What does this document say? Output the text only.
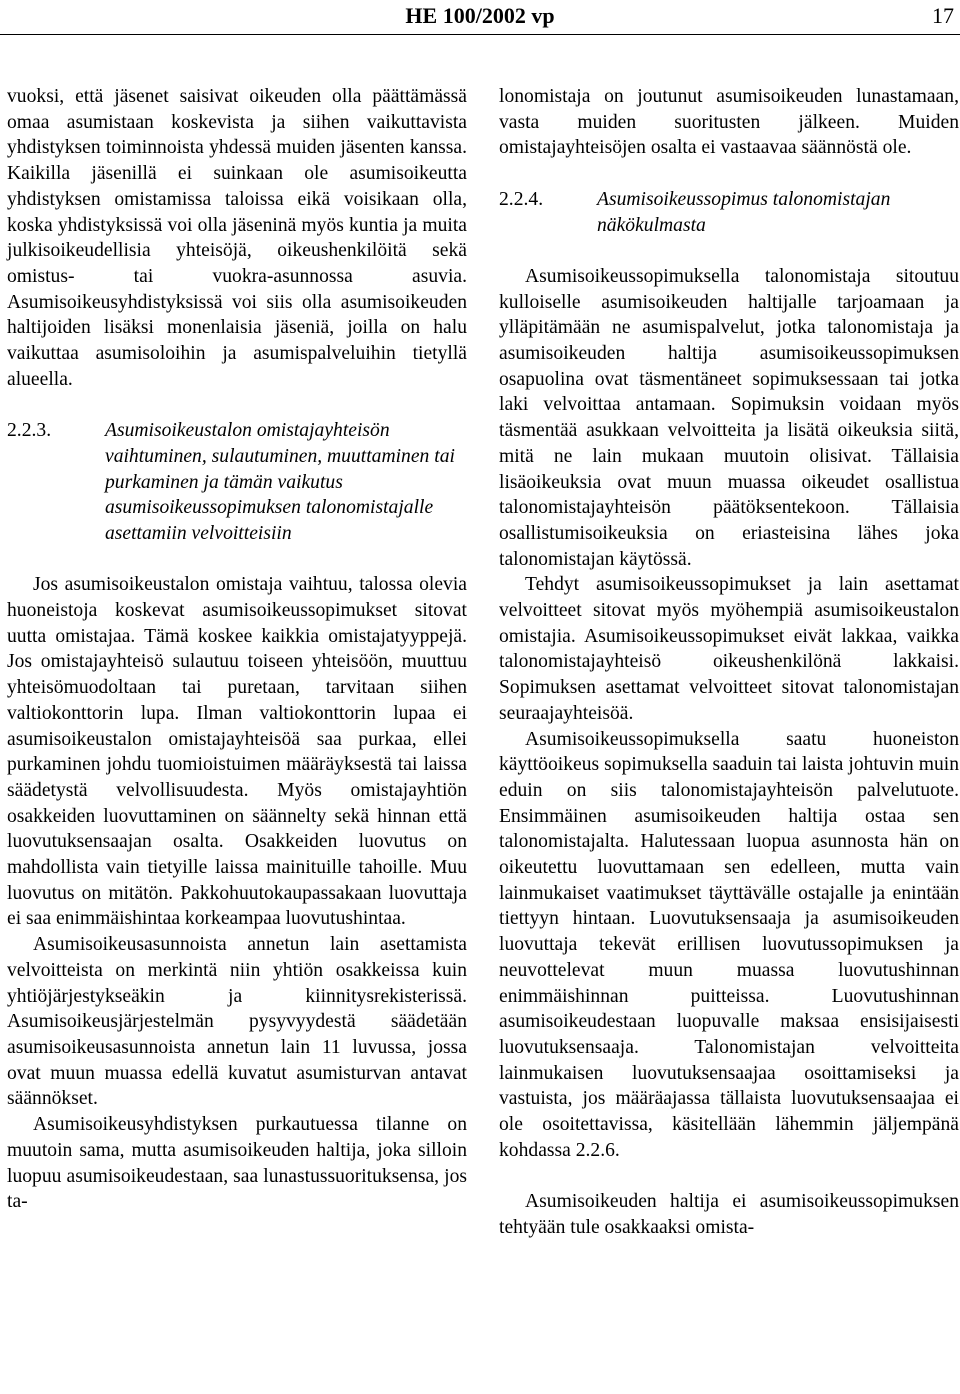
HE 100/2002 vp	17

vuoksi, että jäsenet saisivat oikeuden olla päättämässä omaa asumistaan koskevista ja siihen vaikuttavista yhdistyksen toiminnoista yhdessä muiden jäsenten kanssa. Kaikilla jäsenillä ei suinkaan ole asumisoikeutta yhdistyksen omistamissa taloissa eikä voisikaan olla, koska yhdistyksissä voi olla jäseninä myös kuntia ja muita julkisoikeudellisia yhteisöjä, oikeushenkilöitä sekä omistus- tai vuokra-asunnossa asuvia. Asumisoikeusyhdistyksissä voi siis olla asumisoikeuden haltijoiden lisäksi monenlaisia jäseniä, joilla on halu vaikuttaa asumisoloihin ja asumispalveluihin tietyllä alueella.

2.2.3.	Asumisoikeustalon omistajayhteisön vaihtuminen, sulautuminen, muuttaminen tai purkaminen ja tämän vaikutus asumisoikeussopimuksen talonomistajalle asettamiin velvoitteisiin

Jos asumisoikeustalon omistaja vaihtuu, talossa olevia huoneistoja koskevat asumisoikeussopimukset sitovat uutta omistajaa. Tämä koskee kaikkia omistajatyyppejä. Jos omistajayhteisö sulautuu toiseen yhteisöön, muuttuu yhteisömuodoltaan tai puretaan, tarvitaan siihen valtiokonttorin lupa. Ilman valtiokonttorin lupaa ei asumisoikeustalon omistajayhteisöä saa purkaa, ellei purkaminen johdu tuomioistuimen määräyksestä tai laissa säädetystä velvollisuudesta. Myös omistajayhtiön osakkeiden luovuttaminen on säännelty sekä hinnan että luovutuksensaajan osalta. Osakkeiden luovutus on mahdollista vain tietyille laissa mainituille tahoille. Muu luovutus on mitätön. Pakkohuutokaupassakaan luovuttaja ei saa enimmäishintaa korkeampaa luovutushintaa.

Asumisoikeusasunnoista annetun lain asettamista velvoitteista on merkintä niin yhtiön osakkeissa kuin yhtiöjärjestykseäkin ja kiinnitysrekisterissä. Asumisoikeusjärjestelmän pysyvyydestä säädetään asumisoikeusasunnoista annetun lain 11 luvussa, jossa ovat muun muassa edellä kuvatut asumisturvan antavat säännökset.

Asumisoikeusyhdistyksen purkautuessa tilanne on muutoin sama, mutta asumisoikeuden haltija, joka silloin luopuu asumisoikeudestaan, saa lunastussuorituksensa, jos ta-

lonomistaja on joutunut asumisoikeuden lunastamaan, vasta muiden suoritusten jälkeen. Muiden omistajayhteisöjen osalta ei vastaavaa säännöstä ole.

2.2.4.	Asumisoikeussopimus talonomistajan näkökulmasta

Asumisoikeussopimuksella talonomistaja sitoutuu kulloiselle asumisoikeuden haltijalle tarjoamaan ja ylläpitämään ne asumispalvelut, jotka talonomistaja ja asumisoikeuden haltija asumisoikeussopimuksen osapuolina ovat täsmentäneet sopimuksessaan tai jotka laki velvoittaa antamaan. Sopimuksin voidaan myös täsmentää asukkaan velvoitteita ja lisätä oikeuksia siitä, mitä ne lain mukaan muutoin olisivat. Tällaisia lisäoikeuksia ovat muun muassa oikeudet osallistua talonomistajayhteisön päätöksentekoon. Tällaisia osallistumisoikeuksia on eriasteisina lähes joka talonomistajan käytössä.

Tehdyt asumisoikeussopimukset ja lain asettamat velvoitteet sitovat myös myöhempiä asumisoikeustalon omistajia. Asumisoikeussopimukset eivät lakkaa, vaikka talonomistajayhteisö oikeushenkilönä lakkaisi. Sopimuksen asettamat velvoitteet sitovat talonomistajan seuraajayhteisöä.

Asumisoikeussopimuksella saatu huoneiston käyttöoikeus sopimuksella saaduin tai laista johtuvin muin eduin on siis talonomistajayhteisön palvelutuote. Ensimmäinen asumisoikeuden haltija ostaa sen talonomistajalta. Halutessaan luopua asunnosta hän on oikeutettu luovuttamaan sen edelleen, mutta vain lainmukaiset vaatimukset täyttävälle ostajalle ja enintään tiettyyn hintaan. Luovutuksensaaja ja asumisoikeuden luovuttaja tekevät erillisen luovutussopimuksen ja neuvottelevat muun muassa luovutushinnan enimmäishinnan puitteissa. Luovutushinnan asumisoikeudestaan luopuvalle maksaa ensisijaisesti luovutuksensaaja. Talonomistajan velvoitteita lainmukaisen luovutuksensaajaa osoittamiseksi ja vastuista, jos määräajassa tällaista luovutuksensaajaa ei ole osoitettavissa, käsitellään lähemmin jäljempänä kohdassa 2.2.6.

Asumisoikeuden haltija ei asumisoikeussopimuksen tehtyään tule osakkaaksi omista-
